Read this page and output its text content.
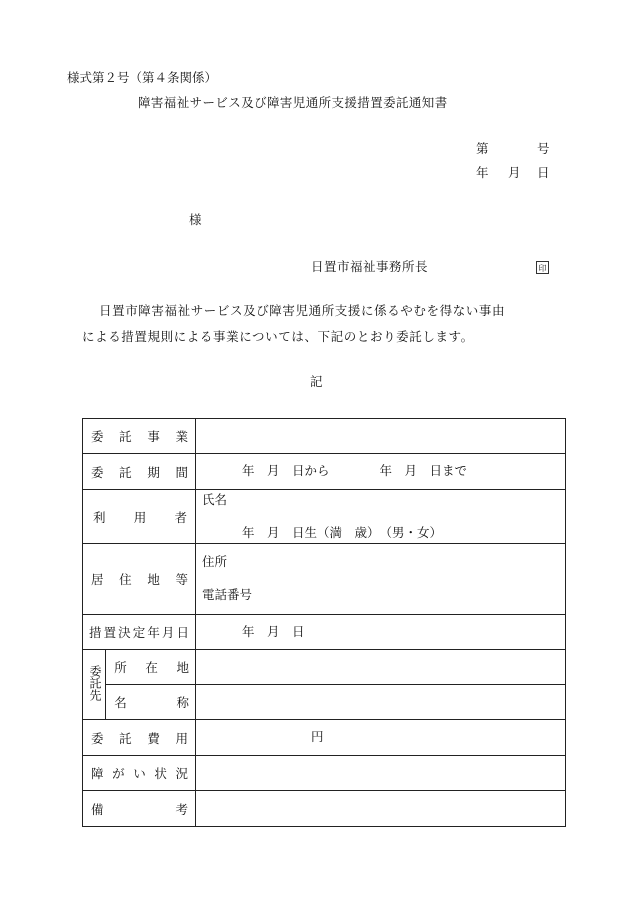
様式第２号（第４条関係）
障害福祉サービス及び障害児通所支援措置委託通知書
第	号
年 月 日
様
日置市福祉事務所長	印
日置市障害福祉サービス及び障害児通所支援に係るやむを得ない事由
による措置規則による事業については、下記のとおり委託します。
記
委託事業		

委託期間		年　月　日から　　　　年　月　日まで

利用者		氏名
年　月　日生（満　歳）　（男・女）

居住地等		住所
電話番号

措置決定年月日		年　月　日

委託先	所在地	

	名称	

委託費用		円

障がい状況		

備考		
